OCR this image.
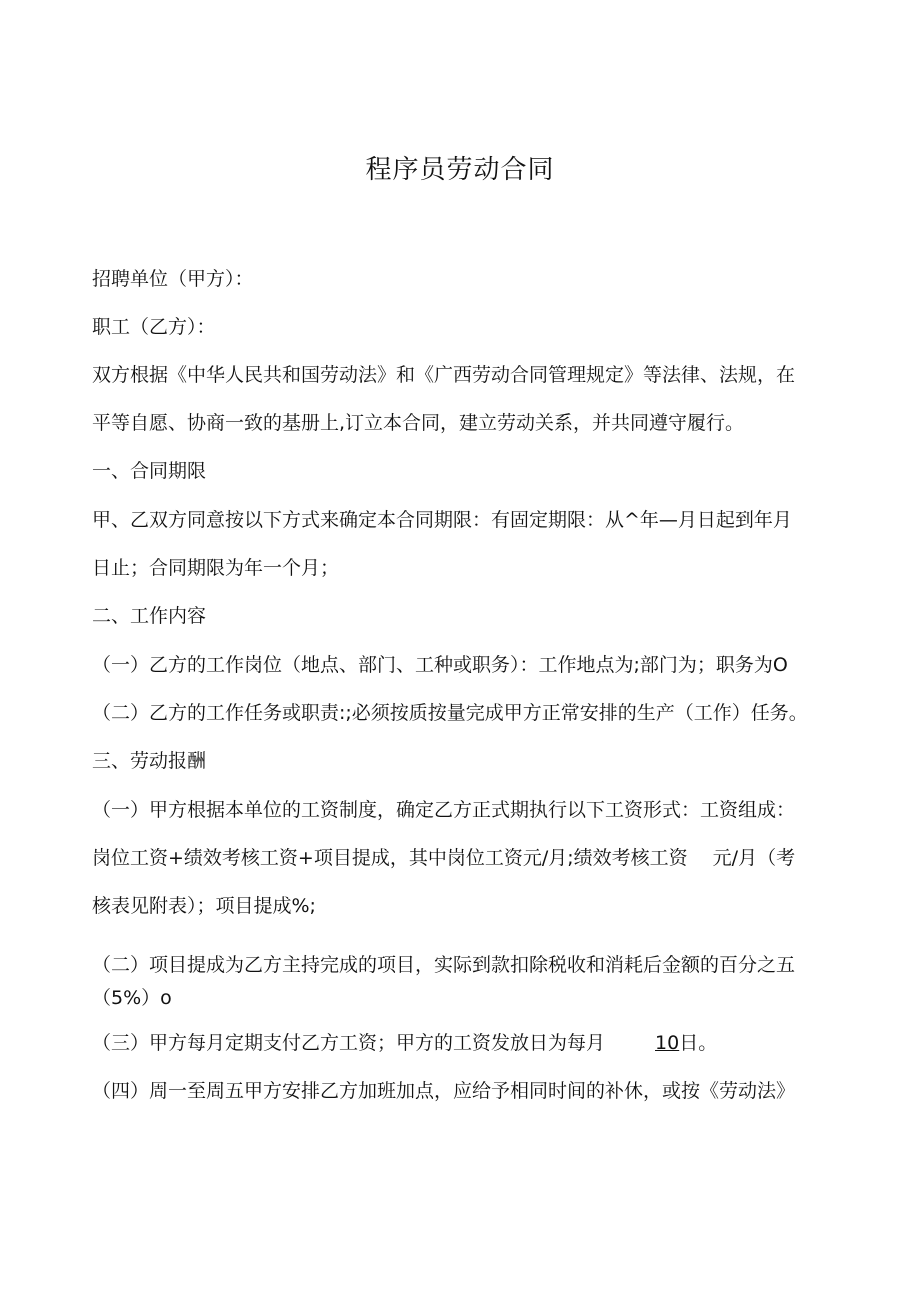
程序员劳动合同
招聘单位（甲方）：
职工（乙方）：
双方根据《中华人民共和国劳动法》和《广西劳动合同管理规定》等法律、法规，在
平等自愿、协商一致的基册上,订立本合同，建立劳动关系，并共同遵守履行。
一、合同期限
甲、乙双方同意按以下方式来确定本合同期限：有固定期限：从^年—月日起到年月
日止；合同期限为年一个月；
二、工作内容
（一）乙方的工作岗位（地点、部门、工种或职务）：工作地点为;部门为；职务为O
（二）乙方的工作任务或职责:;必须按质按量完成甲方正常安排的生产（工作）任务。
三、劳动报酬
（一）甲方根据本单位的工资制度，确定乙方正式期执行以下工资形式：工资组成：
岗位工资+绩效考核工资+项目提成，其中岗位工资元/月;绩效考核工资　 元/月（考
核表见附表）；项目提成%;
（二）项目提成为乙方主持完成的项目，实际到款扣除税收和消耗后金额的百分之五
（5%）o
（三）甲方每月定期支付乙方工资；甲方的工资发放日为每月	10日。
（四）周一至周五甲方安排乙方加班加点，应给予相同时间的补休，或按《劳动法》
